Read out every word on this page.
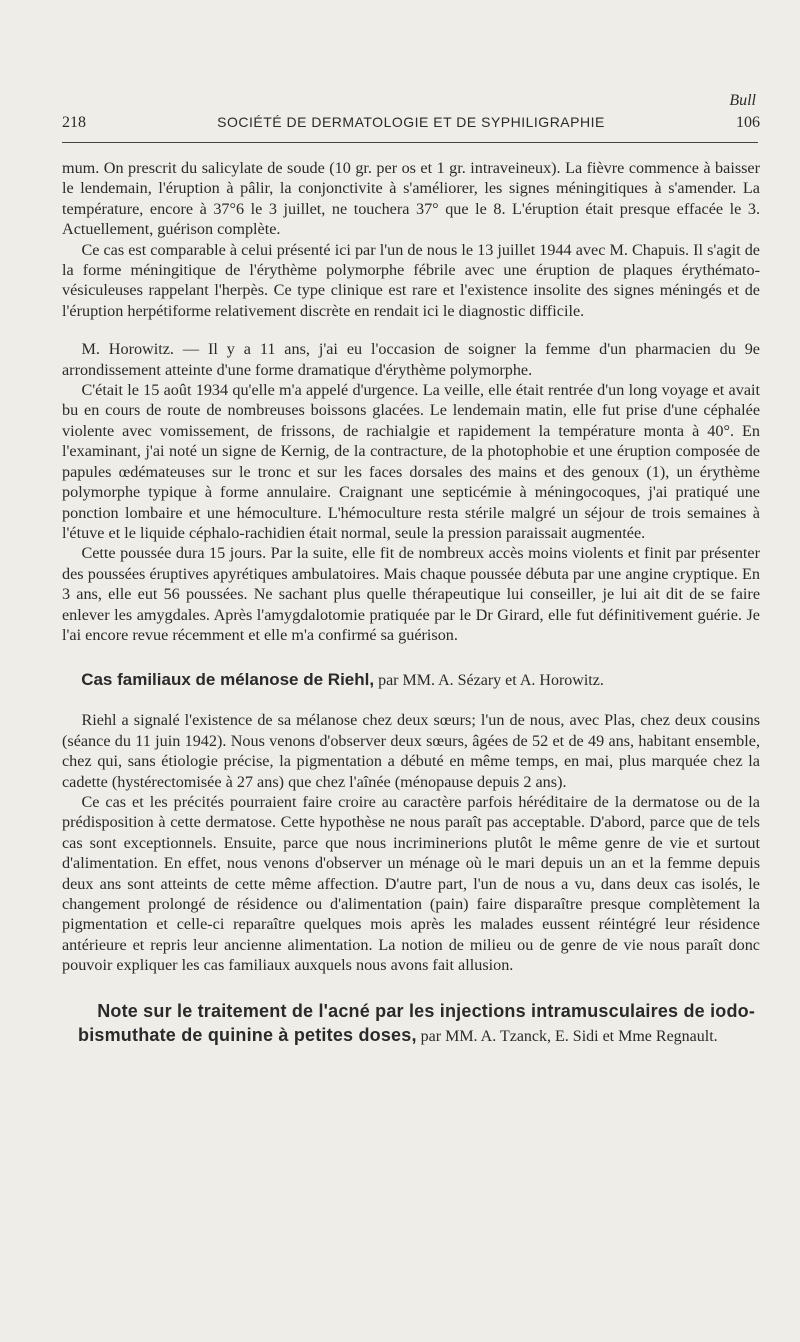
Bull
218	SOCIÉTÉ DE DERMATOLOGIE ET DE SYPHILIGRAPHIE	106

mum. On prescrit du salicylate de soude (10 gr. per os et 1 gr. intraveineux). La fièvre commence à baisser le lendemain, l'éruption à pâlir, la conjonctivite à s'améliorer, les signes méningitiques à s'amender. La température, encore à 37°6 le 3 juillet, ne touchera 37° que le 8. L'éruption était presque effacée le 3. Actuellement, guérison complète.

Ce cas est comparable à celui présenté ici par l'un de nous le 13 juillet 1944 avec M. Chapuis. Il s'agit de la forme méningitique de l'érythème polymorphe fébrile avec une éruption de plaques érythémato-vésiculeuses rappelant l'herpès. Ce type clinique est rare et l'existence insolite des signes méningés et de l'éruption herpétiforme relativement discrète en rendait ici le diagnostic difficile.

M. Horowitz. — Il y a 11 ans, j'ai eu l'occasion de soigner la femme d'un pharmacien du 9e arrondissement atteinte d'une forme dramatique d'érythème polymorphe.

C'était le 15 août 1934 qu'elle m'a appelé d'urgence. La veille, elle était rentrée d'un long voyage et avait bu en cours de route de nombreuses boissons glacées. Le lendemain matin, elle fut prise d'une céphalée violente avec vomissement, de frissons, de rachialgie et rapidement la température monta à 40°. En l'examinant, j'ai noté un signe de Kernig, de la contracture, de la photophobie et une éruption composée de papules œdémateuses sur le tronc et sur les faces dorsales des mains et des genoux (1), un érythème polymorphe typique à forme annulaire. Craignant une septicémie à méningocoques, j'ai pratiqué une ponction lombaire et une hémoculture. L'hémoculture resta stérile malgré un séjour de trois semaines à l'étuve et le liquide céphalo-rachidien était normal, seule la pression paraissait augmentée.

Cette poussée dura 15 jours. Par la suite, elle fit de nombreux accès moins violents et finit par présenter des poussées éruptives apyrétiques ambulatoires. Mais chaque poussée débuta par une angine cryptique. En 3 ans, elle eut 56 poussées. Ne sachant plus quelle thérapeutique lui conseiller, je lui ait dit de se faire enlever les amygdales. Après l'amygdalotomie pratiquée par le Dr Girard, elle fut définitivement guérie. Je l'ai encore revue récemment et elle m'a confirmé sa guérison.

Cas familiaux de mélanose de Riehl, par MM. A. Sézary et A. Horowitz.

Riehl a signalé l'existence de sa mélanose chez deux sœurs; l'un de nous, avec Plas, chez deux cousins (séance du 11 juin 1942). Nous venons d'observer deux sœurs, âgées de 52 et de 49 ans, habitant ensemble, chez qui, sans étiologie précise, la pigmentation a débuté en même temps, en mai, plus marquée chez la cadette (hystérectomisée à 27 ans) que chez l'aînée (ménopause depuis 2 ans).

Ce cas et les précités pourraient faire croire au caractère parfois héréditaire de la dermatose ou de la prédisposition à cette dermatose. Cette hypothèse ne nous paraît pas acceptable. D'abord, parce que de tels cas sont exceptionnels. Ensuite, parce que nous incriminerions plutôt le même genre de vie et surtout d'alimentation. En effet, nous venons d'observer un ménage où le mari depuis un an et la femme depuis deux ans sont atteints de cette même affection. D'autre part, l'un de nous a vu, dans deux cas isolés, le changement prolongé de résidence ou d'alimentation (pain) faire disparaître presque complètement la pigmentation et celle-ci reparaître quelques mois après les malades eussent réintégré leur résidence antérieure et repris leur ancienne alimentation. La notion de milieu ou de genre de vie nous paraît donc pouvoir expliquer les cas familiaux auxquels nous avons fait allusion.

Note sur le traitement de l'acné par les injections intramusculaires de iodo-bismuthate de quinine à petites doses, par MM. A. Tzanck, E. Sidi et Mme Regnault.
